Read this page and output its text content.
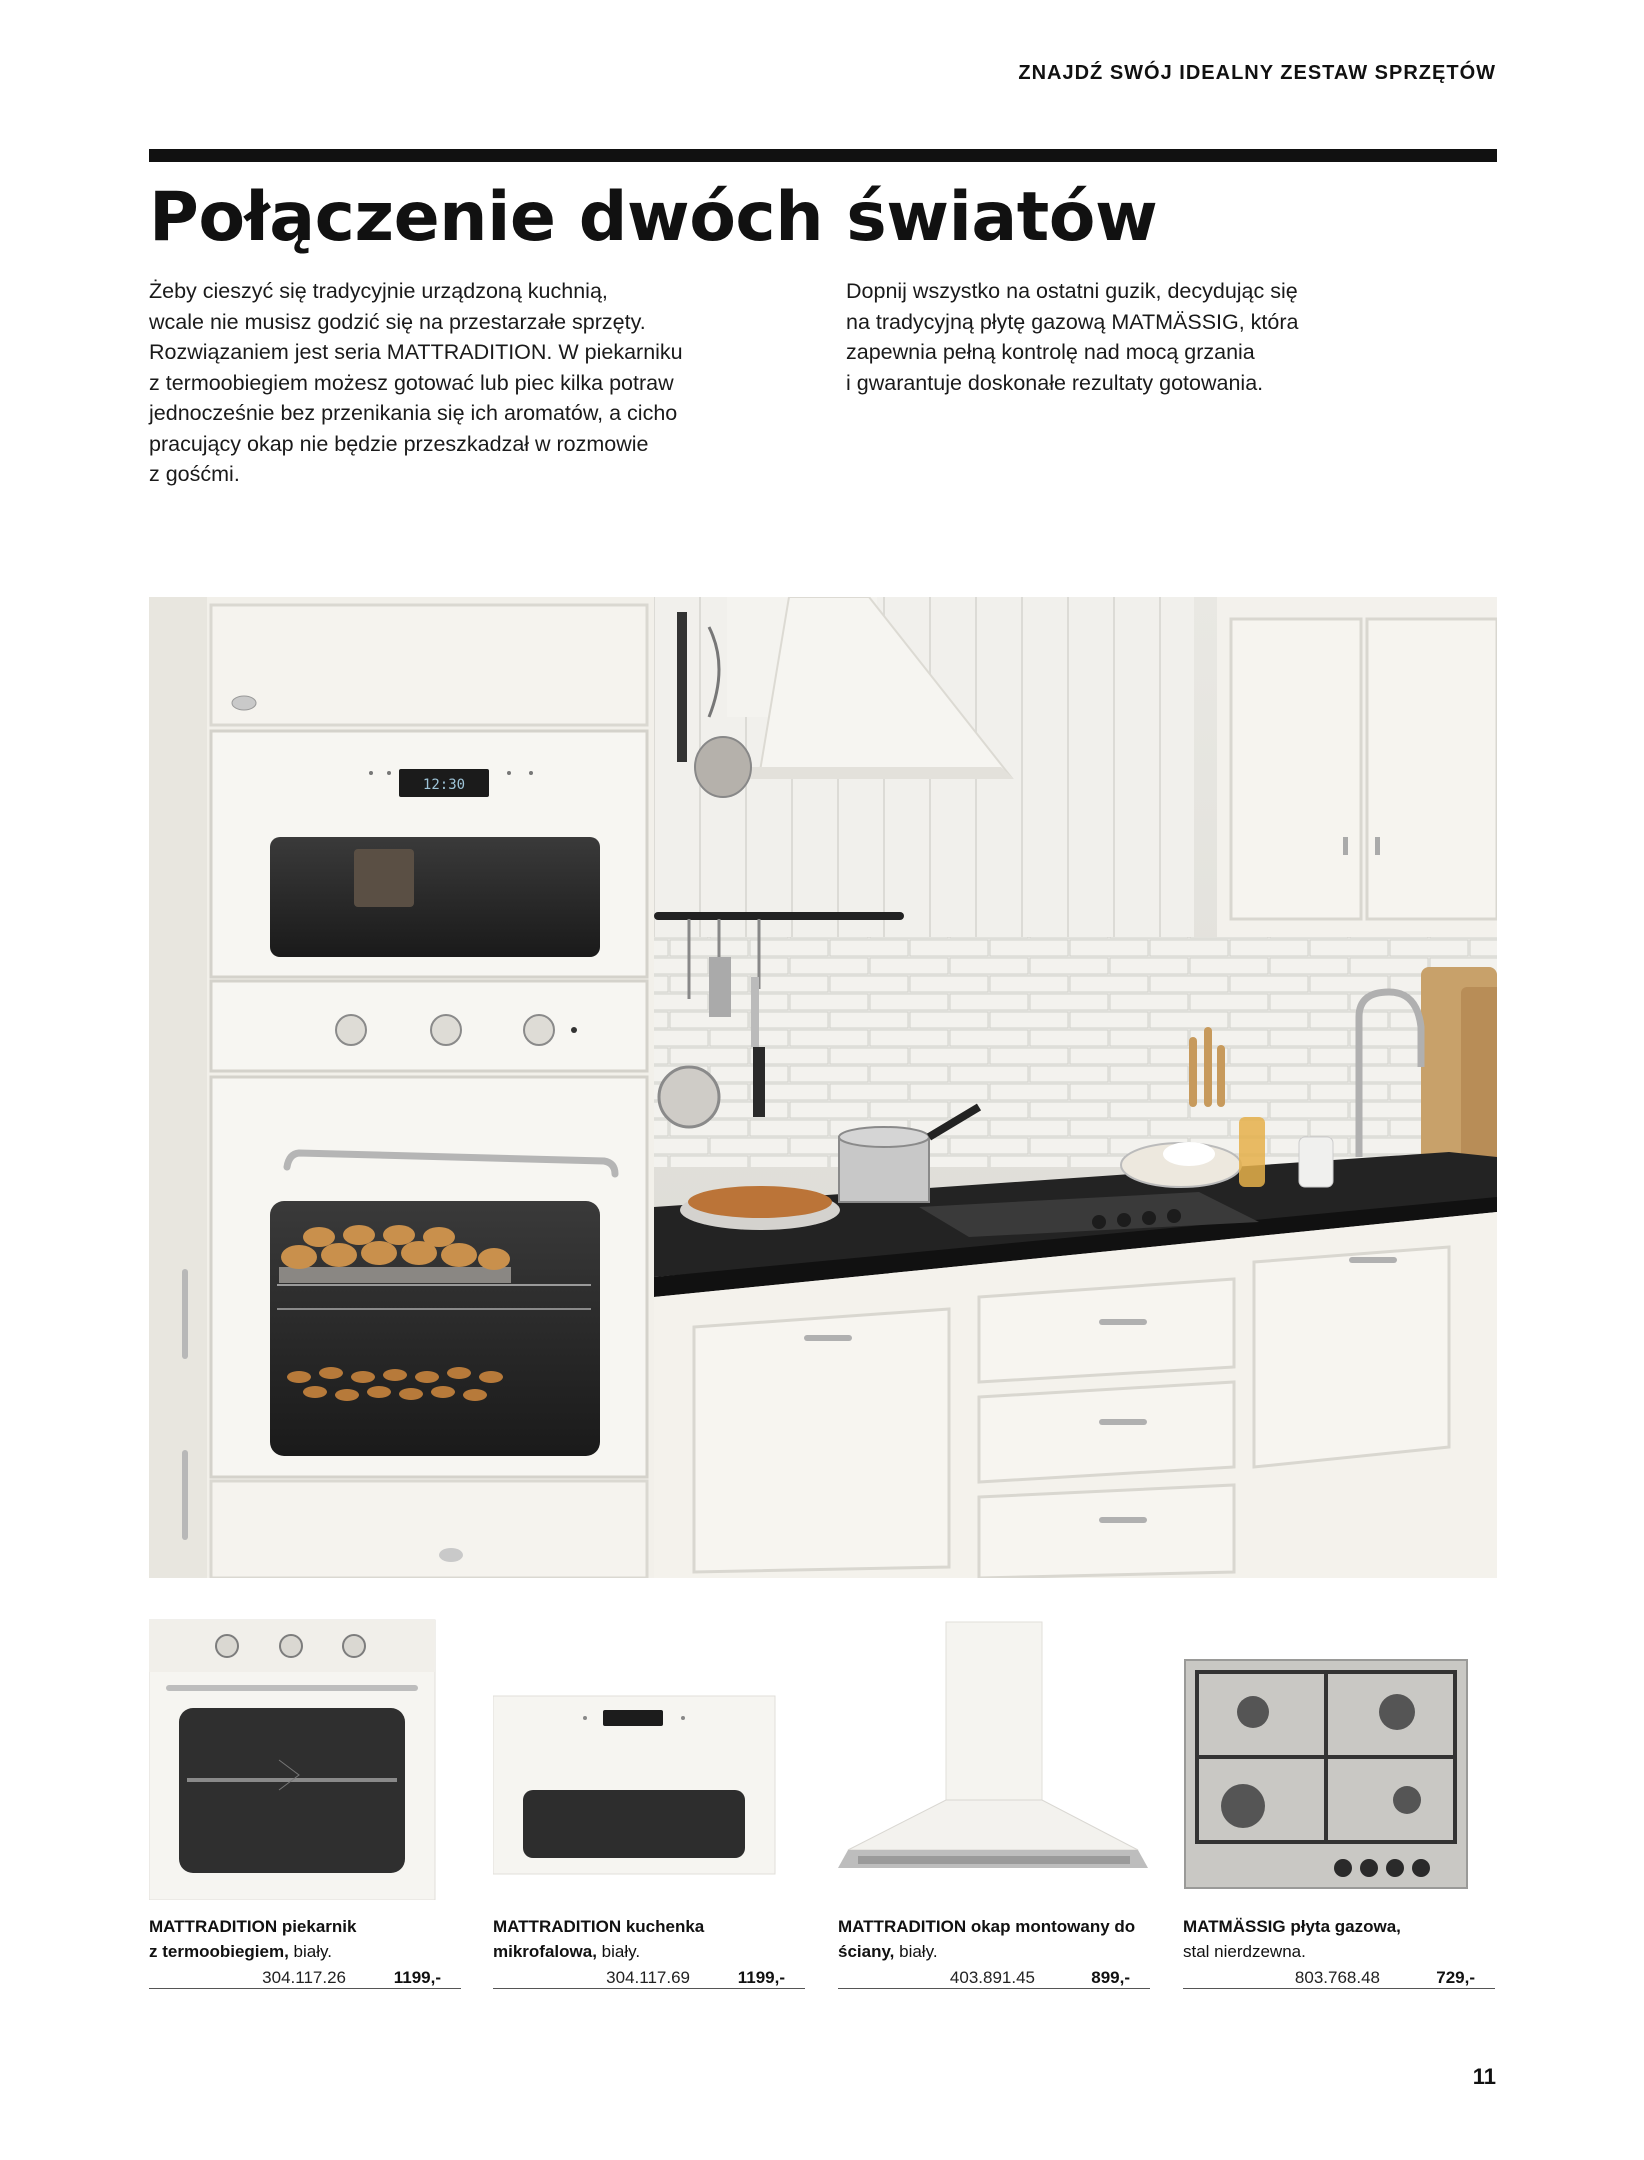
ZNAJDŹ SWÓJ IDEALNY ZESTAW SPRZĘTÓW
Połączenie dwóch światów

Żeby cieszyć się tradycyjnie urządzoną kuchnią,

wcale nie musisz godzić się na przestarzałe sprzęty.

Rozwiązaniem jest seria MATTRADITION. W piekarniku

z termoobiegiem możesz gotować lub piec kilka potraw

jednocześnie bez przenikania się ich aromatów, a cicho

pracujący okap nie będzie przeszkadzał w rozmowie

z gośćmi.

Dopnij wszystko na ostatni guzik, decydując się

na tradycyjną płytę gazową MATMÄSSIG, która

zapewnia pełną kontrolę nad mocą grzania

i gwarantuje doskonałe rezultaty gotowania.

12:30
MATTRADITION piekarnik
z termoobiegiem, biały.
304.117.26	1199,-
MATTRADITION kuchenka
mikrofalowa, biały.
304.117.69	1199,-
MATTRADITION okap montowany do
ściany, biały.
403.891.45	899,-
MATMÄSSIG płyta gazowa,
stal nierdzewna.
803.768.48	729,-
11
